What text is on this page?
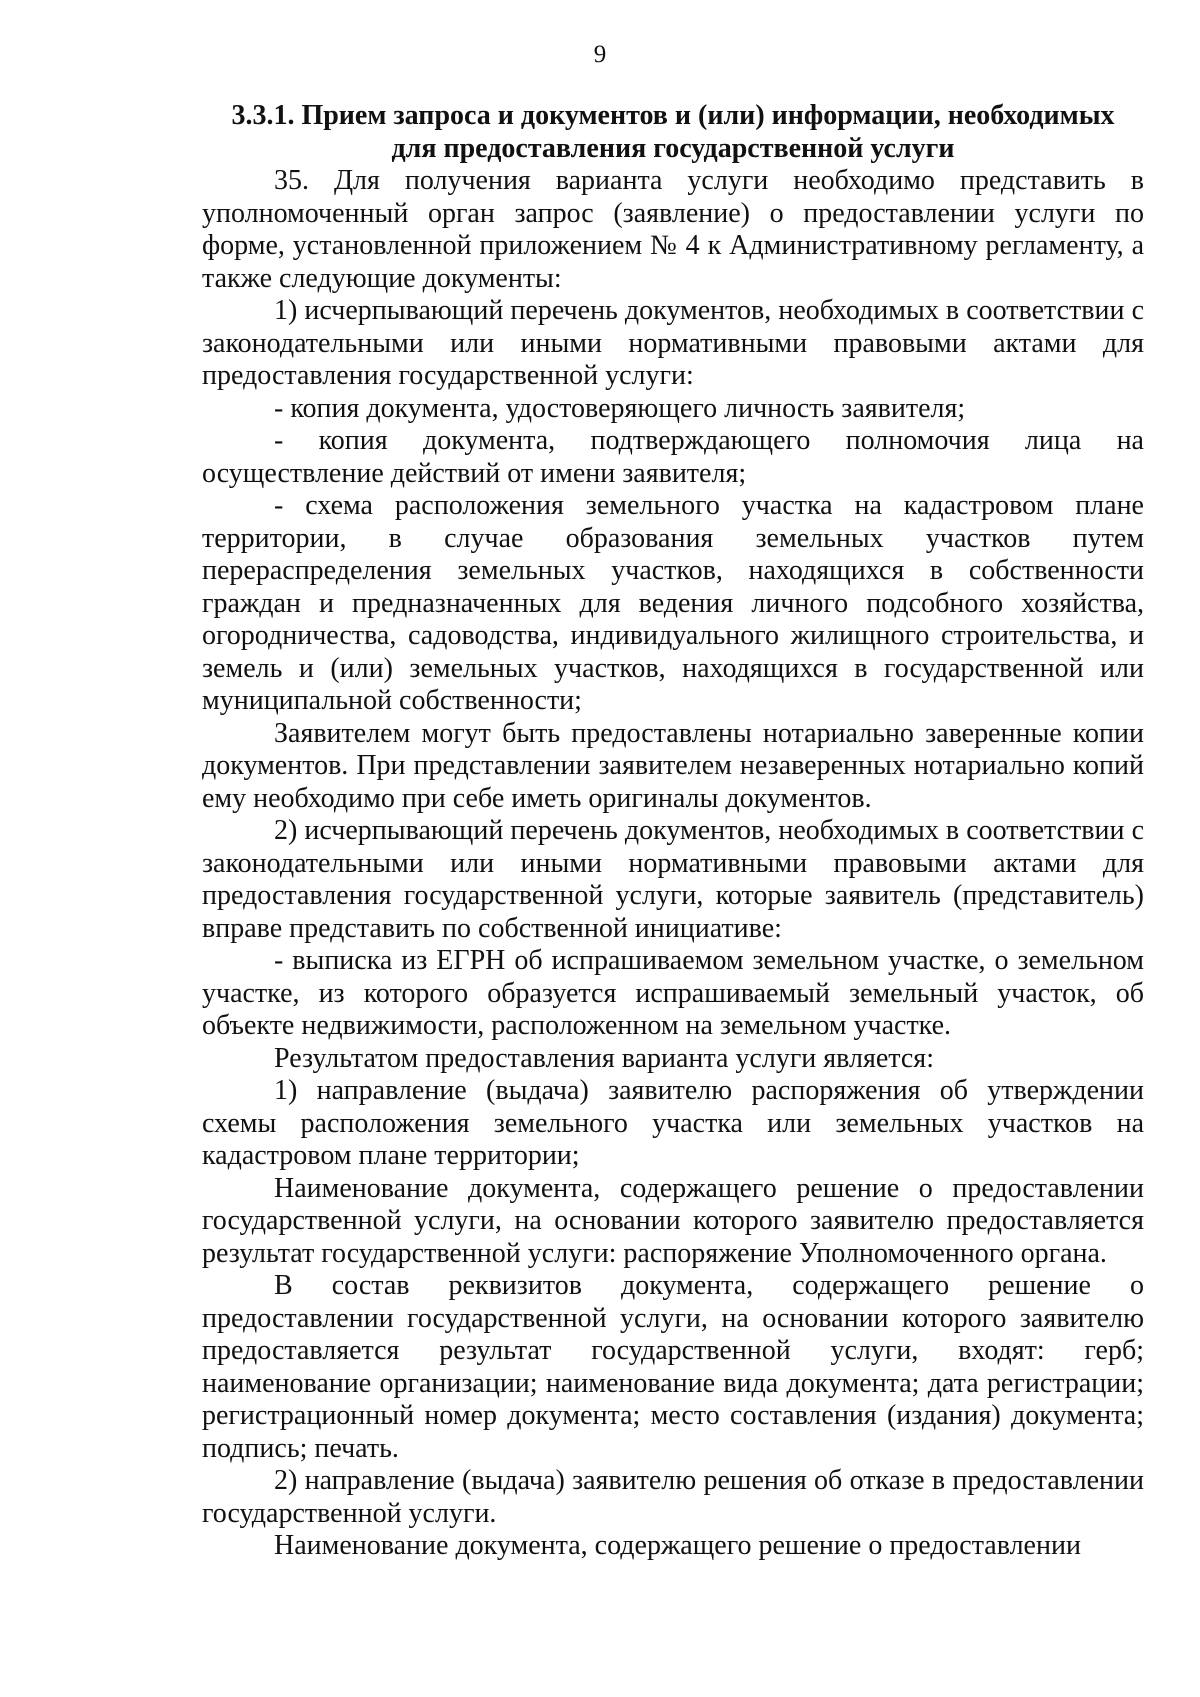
9
3.3.1. Прием запроса и документов и (или) информации, необходимых
для предоставления государственной услуги

35. Для получения варианта услуги необходимо представить в уполномоченный орган запрос (заявление) о предоставлении услуги по форме, установленной приложением № 4 к Административному регламенту, а также следующие документы:

1) исчерпывающий перечень документов, необходимых в соответствии с законодательными или иными нормативными правовыми актами для предоставления государственной услуги:

- копия документа, удостоверяющего личность заявителя;

- копия документа, подтверждающего полномочия лица на осуществление действий от имени заявителя;

- схема расположения земельного участка на кадастровом плане территории, в случае образования земельных участков путем перераспределения земельных участков, находящихся в собственности граждан и предназначенных для ведения личного подсобного хозяйства, огородничества, садоводства, индивидуального жилищного строительства, и земель и (или) земельных участков, находящихся в государственной или муниципальной собственности;

Заявителем могут быть предоставлены нотариально заверенные копии документов. При представлении заявителем незаверенных нотариально копий ему необходимо при себе иметь оригиналы документов.

2) исчерпывающий перечень документов, необходимых в соответствии с законодательными или иными нормативными правовыми актами для предоставления государственной услуги, которые заявитель (представитель) вправе представить по собственной инициативе:

- выписка из ЕГРН об испрашиваемом земельном участке, о земельном участке, из которого образуется испрашиваемый земельный участок, об объекте недвижимости, расположенном на земельном участке.

Результатом предоставления варианта услуги является:

1) направление (выдача) заявителю распоряжения об утверждении схемы расположения земельного участка или земельных участков на кадастровом плане территории;

Наименование документа, содержащего решение о предоставлении государственной услуги, на основании которого заявителю предоставляется результат государственной услуги: распоряжение Уполномоченного органа.

В состав реквизитов документа, содержащего решение о предоставлении государственной услуги, на основании которого заявителю предоставляется результат государственной услуги, входят: герб; наименование организации; наименование вида документа; дата регистрации; регистрационный номер документа; место составления (издания) документа; подпись; печать.

2) направление (выдача) заявителю решения об отказе в предоставлении государственной услуги.

Наименование документа, содержащего решение о предоставлении
